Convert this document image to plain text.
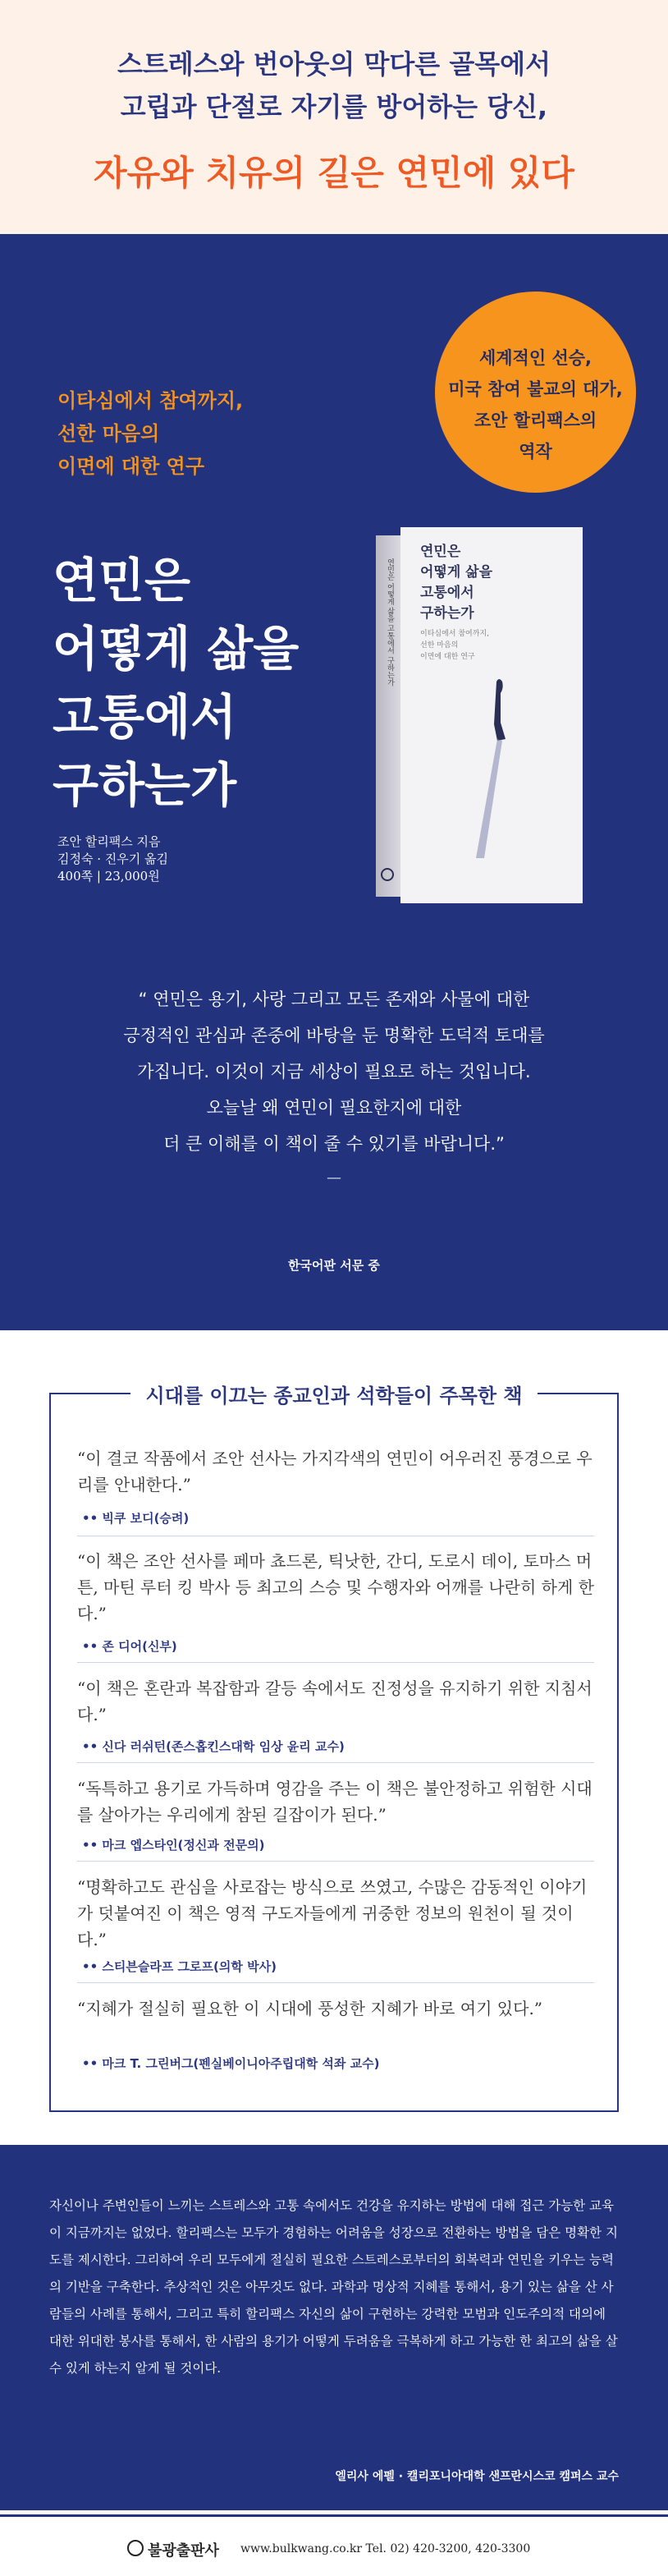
스트레스와 번아웃의 막다른 골목에서
고립과 단절로 자기를 방어하는 당신,
자유와 치유의 길은 연민에 있다
세계적인 선승,
미국 참여 불교의 대가,
조안 할리팩스의
역작
이타심에서 참여까지,
선한 마음의
이면에 대한 연구
연민은
어떻게 삶을
고통에서
구하는가
조안 할리팩스 지음
김정숙 · 진우기 옮김
400쪽 | 23,000원
연민은 어떻게 삶을 고통에서 구하는가
연민은
어떻게 삶을
고통에서
구하는가
이타심에서 참여까지,
선한 마음의
이면에 대한 연구
“ 연민은 용기, 사랑 그리고 모든 존재와 사물에 대한
긍정적인 관심과 존중에 바탕을 둔 명확한 도덕적 토대를
가집니다. 이것이 지금 세상이 필요로 하는 것입니다.
오늘날 왜 연민이 필요한지에 대한
더 큰 이해를 이 책이 줄 수 있기를 바랍니다.”
—
한국어판 서문 중
시대를 이끄는 종교인과 석학들이 주목한 책
“이 결코 작품에서 조안 선사는 가지각색의 연민이 어우러진 풍경으로 우리를 안내한다.”
•• 빅쿠 보디(승려)
“이 책은 조안 선사를 페마 쵸드론, 틱낫한, 간디, 도로시 데이, 토마스 머튼, 마틴 루터 킹 박사 등 최고의 스승 및 수행자와 어깨를 나란히 하게 한다.”
•• 존 디어(신부)
“이 책은 혼란과 복잡함과 갈등 속에서도 진정성을 유지하기 위한 지침서다.”
•• 신다 러쉬턴(존스홉킨스대학 임상 윤리 교수)
“독특하고 용기로 가득하며 영감을 주는 이 책은 불안정하고 위험한 시대를 살아가는 우리에게 참된 길잡이가 된다.”
•• 마크 엡스타인(정신과 전문의)
“명확하고도 관심을 사로잡는 방식으로 쓰였고, 수많은 감동적인 이야기가 덧붙여진 이 책은 영적 구도자들에게 귀중한 정보의 원천이 될 것이다.”
•• 스티븐슬라프 그로프(의학 박사)
“지혜가 절실히 필요한 이 시대에 풍성한 지혜가 바로 여기 있다.”
•• 마크 T. 그린버그(펜실베이니아주립대학 석좌 교수)
자신이나 주변인들이 느끼는 스트레스와 고통 속에서도 건강을 유지하는 방법에 대해 접근 가능한 교육이 지금까지는 없었다. 할리팩스는 모두가 경험하는 어려움을 성장으로 전환하는 방법을 담은 명확한 지도를 제시한다. 그리하여 우리 모두에게 절실히 필요한 스트레스로부터의 회복력과 연민을 키우는 능력의 기반을 구축한다. 추상적인 것은 아무것도 없다. 과학과 명상적 지혜를 통해서, 용기 있는 삶을 산 사람들의 사례를 통해서, 그리고 특히 할리팩스 자신의 삶이 구현하는 강력한 모범과 인도주의적 대의에 대한 위대한 봉사를 통해서, 한 사람의 용기가 어떻게 두려움을 극복하게 하고 가능한 한 최고의 삶을 살 수 있게 하는지 알게 될 것이다.
엘리사 에펠 · 캘리포니아대학 샌프란시스코 캠퍼스 교수
불광출판사 www.bulkwang.co.kr Tel. 02) 420-3200, 420-3300
